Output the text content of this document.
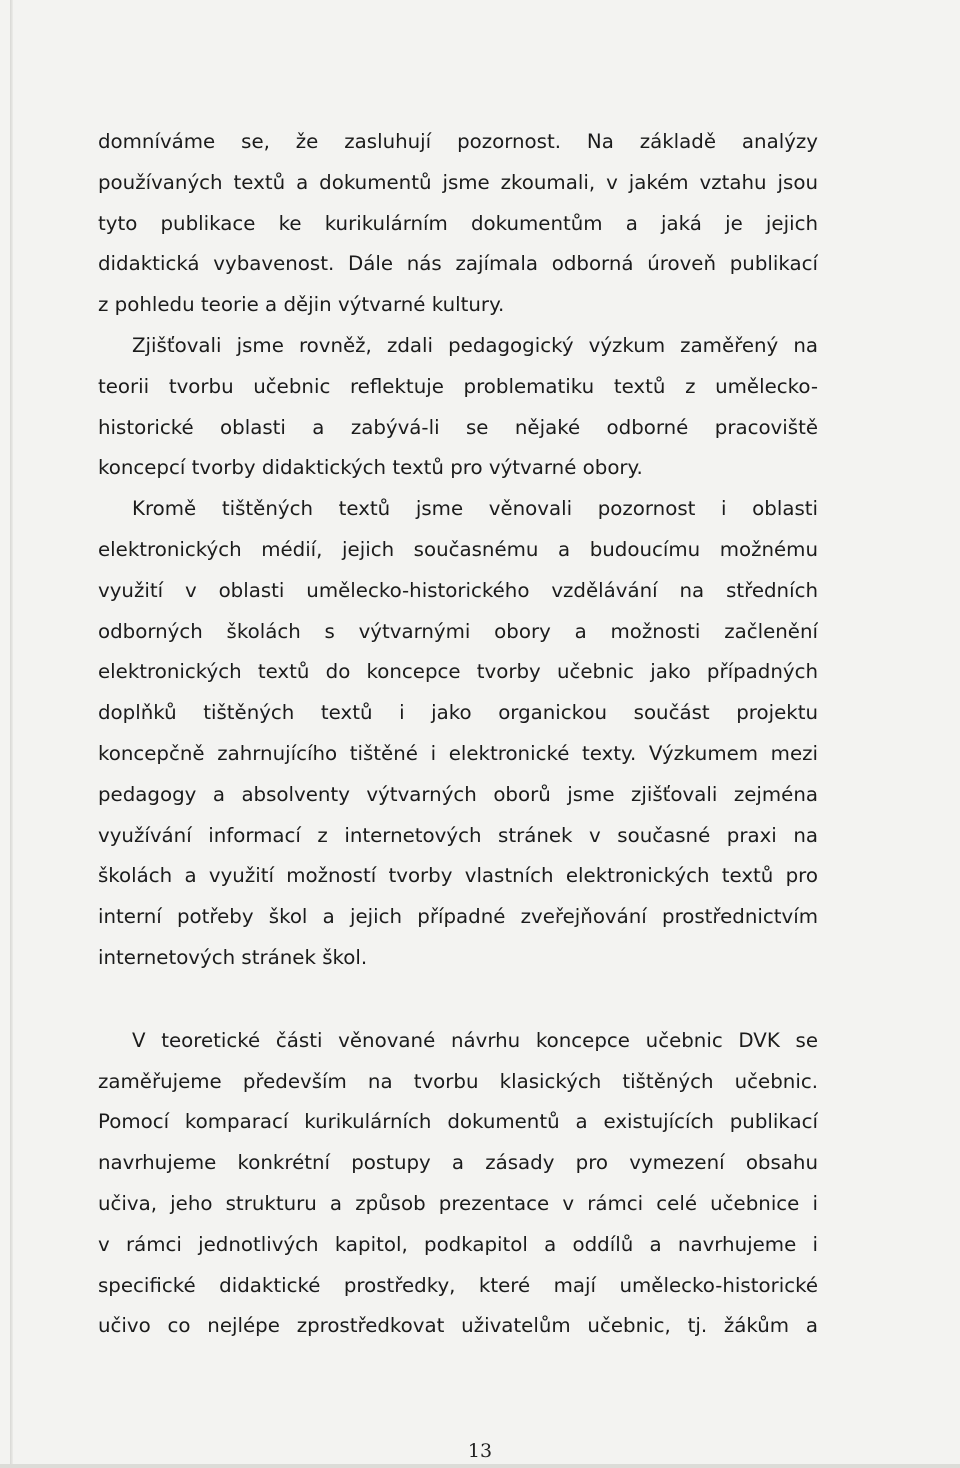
domníváme se, že zasluhují pozornost. Na základě analýzy
používaných textů a dokumentů jsme zkoumali, v jakém vztahu jsou
tyto publikace ke kurikulárním dokumentům a jaká je jejich
didaktická vybavenost. Dále nás zajímala odborná úroveň publikací
z pohledu teorie a dějin výtvarné kultury.
Zjišťovali jsme rovněž, zdali pedagogický výzkum zaměřený na
teorii tvorbu učebnic reflektuje problematiku textů z umělecko-
historické oblasti a zabývá-li se nějaké odborné pracoviště
koncepcí tvorby didaktických textů pro výtvarné obory.
Kromě tištěných textů jsme věnovali pozornost i oblasti
elektronických médií, jejich současnému a budoucímu možnému
využití v oblasti umělecko-historického vzdělávání na středních
odborných školách s výtvarnými obory a možnosti začlenění
elektronických textů do koncepce tvorby učebnic jako případných
doplňků tištěných textů i jako organickou součást projektu
koncepčně zahrnujícího tištěné i elektronické texty. Výzkumem mezi
pedagogy a absolventy výtvarných oborů jsme zjišťovali zejména
využívání informací z internetových stránek v současné praxi na
školách a využití možností tvorby vlastních elektronických textů pro
interní potřeby škol a jejich případné zveřejňování prostřednictvím
internetových stránek škol.
V teoretické části věnované návrhu koncepce učebnic DVK se
zaměřujeme především na tvorbu klasických tištěných učebnic.
Pomocí komparací kurikulárních dokumentů a existujících publikací
navrhujeme konkrétní postupy a zásady pro vymezení obsahu
učiva, jeho strukturu a způsob prezentace v rámci celé učebnice i
v rámci jednotlivých kapitol, podkapitol a oddílů a navrhujeme i
specifické didaktické prostředky, které mají umělecko-historické
učivo co nejlépe zprostředkovat uživatelům učebnic, tj. žákům a
13
